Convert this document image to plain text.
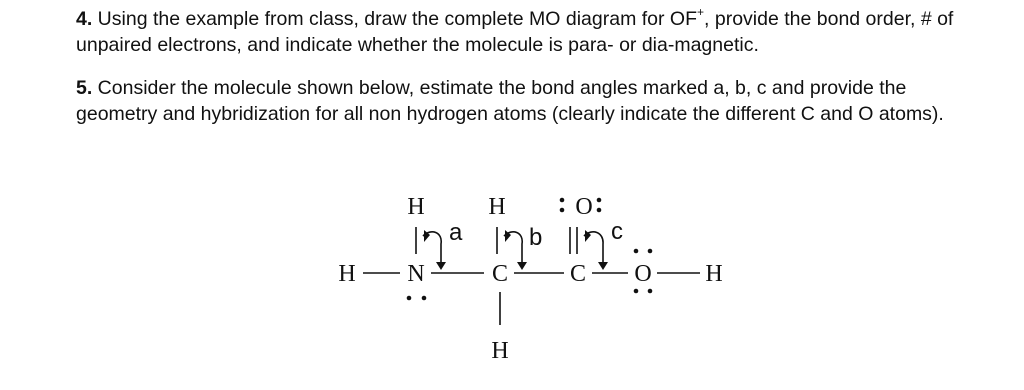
4. Using the example from class, draw the complete MO diagram for OF+, provide the bond order, # of unpaired electrons, and indicate whether the molecule is para- or dia-magnetic.
5. Consider the molecule shown below, estimate the bond angles marked a, b, c and provide the geometry and hybridization for all non hydrogen atoms (clearly indicate the different C and O atoms).
H N	C	C O H
H	H	O
H
a	b	c
